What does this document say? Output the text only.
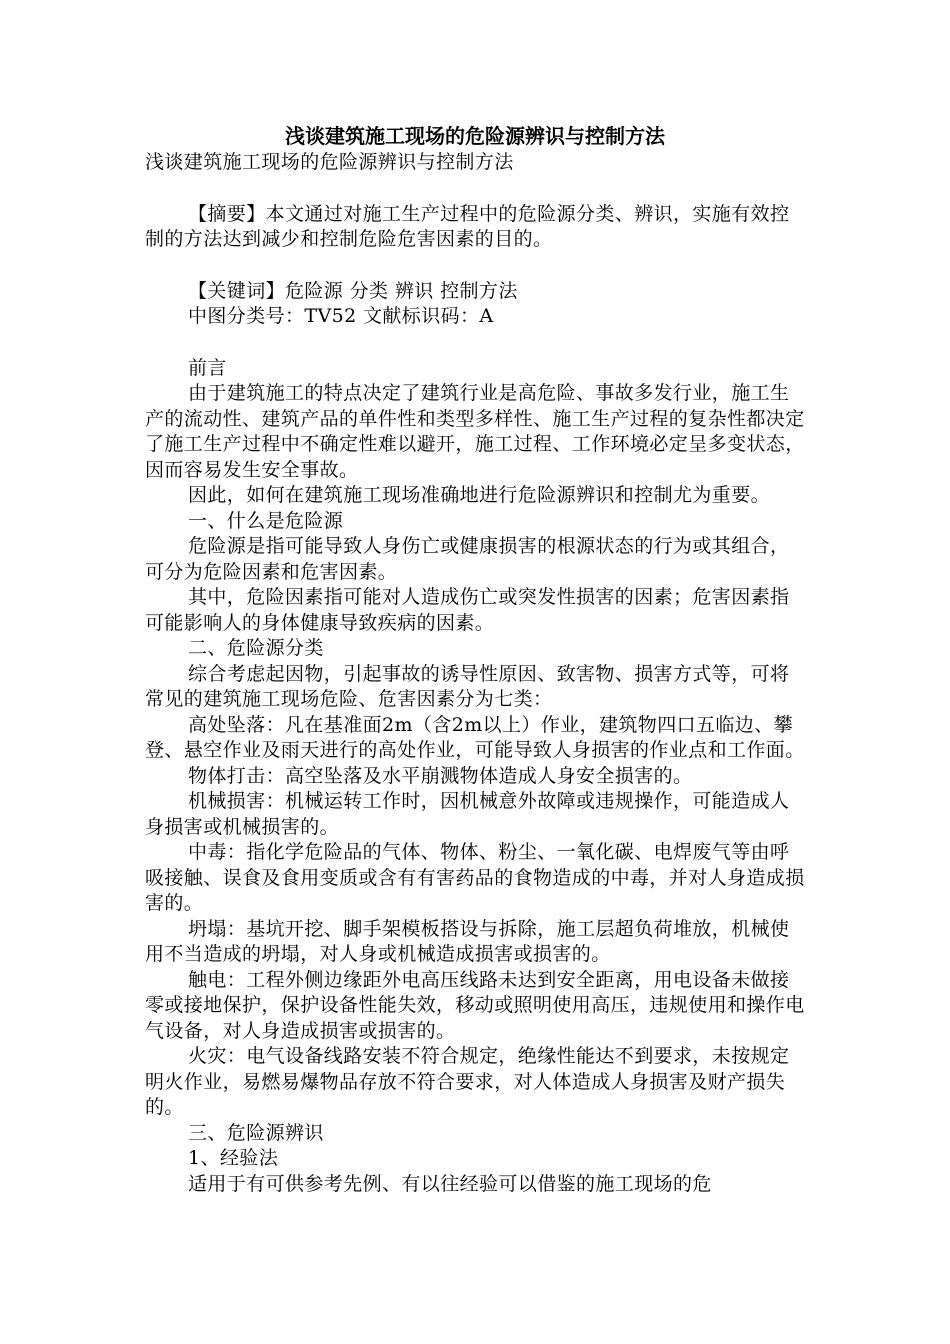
浅谈建筑施工现场的危险源辨识与控制方法

浅谈建筑施工现场的危险源辨识与控制方法

【摘要】本文通过对施工生产过程中的危险源分类、辨识，实施有效控制的方法达到减少和控制危险危害因素的目的。

【关键词】危险源 分类 辨识 控制方法

中图分类号：TV52 文献标识码：A

前言

由于建筑施工的特点决定了建筑行业是高危险、事故多发行业，施工生产的流动性、建筑产品的单件性和类型多样性、施工生产过程的复杂性都决定了施工生产过程中不确定性难以避开，施工过程、工作环境必定呈多变状态，因而容易发生安全事故。

因此，如何在建筑施工现场准确地进行危险源辨识和控制尤为重要。

一、什么是危险源

危险源是指可能导致人身伤亡或健康损害的根源状态的行为或其组合，可分为危险因素和危害因素。

其中，危险因素指可能对人造成伤亡或突发性损害的因素；危害因素指可能影响人的身体健康导致疾病的因素。

二、危险源分类

综合考虑起因物，引起事故的诱导性原因、致害物、损害方式等，可将常见的建筑施工现场危险、危害因素分为七类：

高处坠落：凡在基准面2m（含2m以上）作业，建筑物四口五临边、攀登、悬空作业及雨天进行的高处作业，可能导致人身损害的作业点和工作面。

物体打击：高空坠落及水平崩溅物体造成人身安全损害的。

机械损害：机械运转工作时，因机械意外故障或违规操作，可能造成人身损害或机械损害的。

中毒：指化学危险品的气体、物体、粉尘、一氧化碳、电焊废气等由呼吸接触、误食及食用变质或含有有害药品的食物造成的中毒，并对人身造成损害的。

坍塌：基坑开挖、脚手架模板搭设与拆除，施工层超负荷堆放，机械使用不当造成的坍塌，对人身或机械造成损害或损害的。

触电：工程外侧边缘距外电高压线路未达到安全距离，用电设备未做接零或接地保护，保护设备性能失效，移动或照明使用高压，违规使用和操作电气设备，对人身造成损害或损害的。

火灾：电气设备线路安装不符合规定，绝缘性能达不到要求，未按规定明火作业，易燃易爆物品存放不符合要求，对人体造成人身损害及财产损失的。

三、危险源辨识

1、经验法

适用于有可供参考先例、有以往经验可以借鉴的施工现场的危
